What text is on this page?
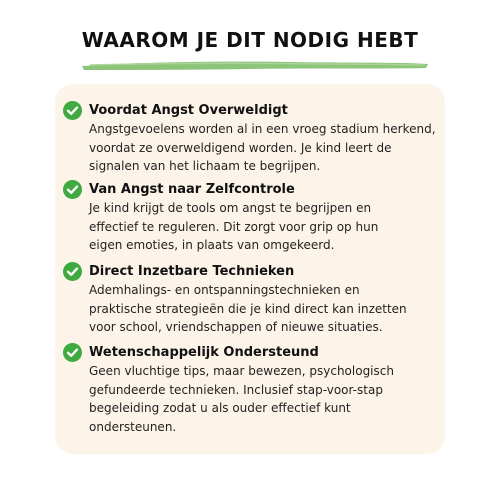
WAAROM JE DIT NODIG HEBT
Voordat Angst Overweldigt
Angstgevoelens worden al in een vroeg stadium herkend,
voordat ze overweldigend worden. Je kind leert de
signalen van het lichaam te begrijpen.
Van Angst naar Zelfcontrole
Je kind krijgt de tools om angst te begrijpen en
effectief te reguleren. Dit zorgt voor grip op hun
eigen emoties, in plaats van omgekeerd.
Direct Inzetbare Technieken
Ademhalings- en ontspanningstechnieken en
praktische strategieën die je kind direct kan inzetten
voor school, vriendschappen of nieuwe situaties.
Wetenschappelijk Ondersteund
Geen vluchtige tips, maar bewezen, psychologisch
gefundeerde technieken. Inclusief stap-voor-stap
begeleiding zodat u als ouder effectief kunt
ondersteunen.
